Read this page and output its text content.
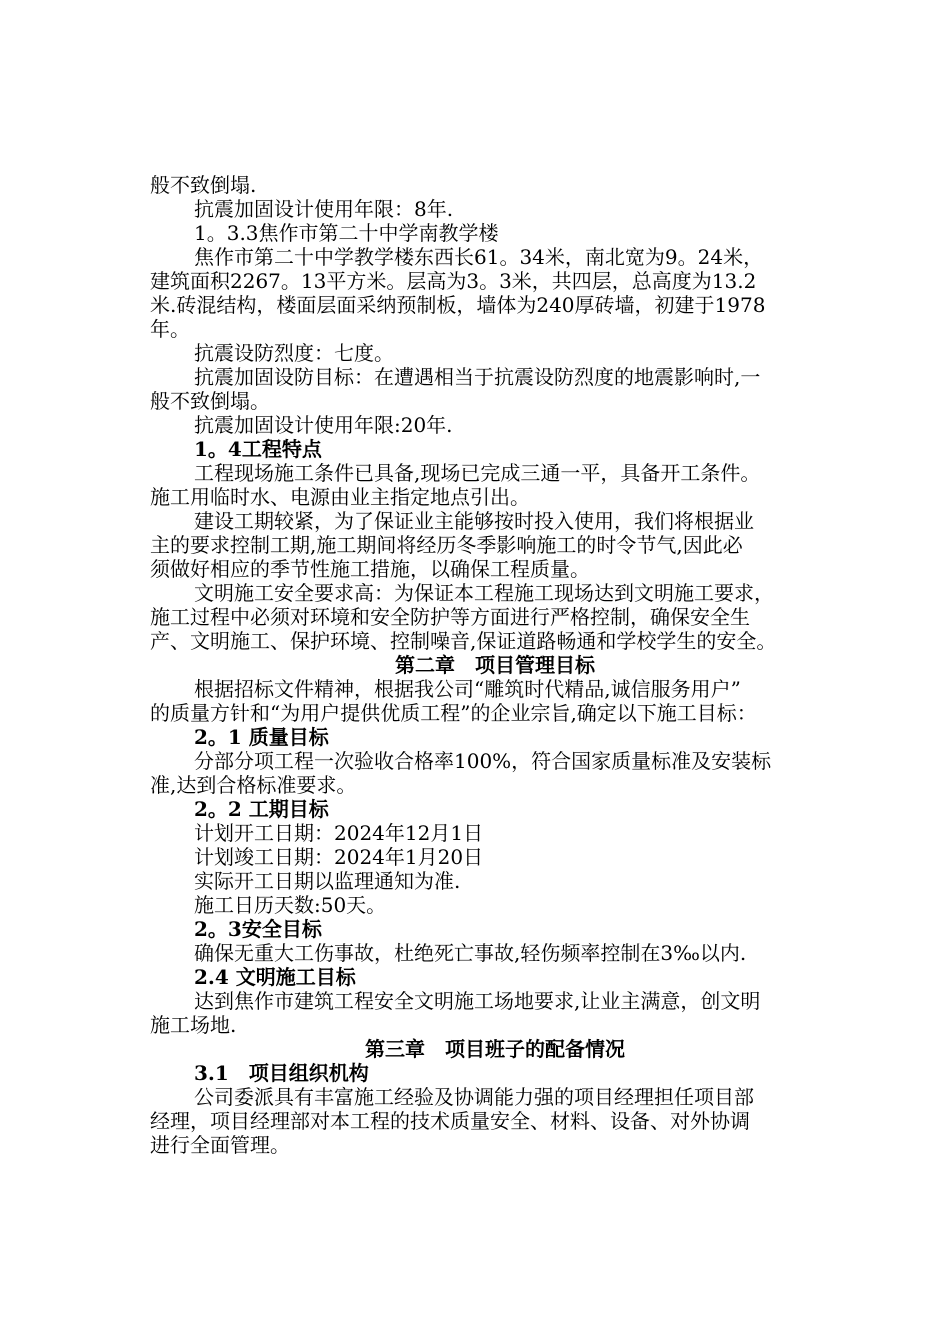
般不致倒塌.
抗震加固设计使用年限：8年.
1。3.3焦作市第二十中学南教学楼
焦作市第二十中学教学楼东西长61。34米，南北宽为9。24米，
建筑面积2267。13平方米。层高为3。3米，共四层，总高度为13.2
米.砖混结构，楼面层面采纳预制板，墙体为240厚砖墙，初建于1978
年。
抗震设防烈度：七度。
抗震加固设防目标：在遭遇相当于抗震设防烈度的地震影响时,一
般不致倒塌。
抗震加固设计使用年限:20年.
1。4工程特点
工程现场施工条件已具备,现场已完成三通一平，具备开工条件。
施工用临时水、电源由业主指定地点引出。
建设工期较紧，为了保证业主能够按时投入使用，我们将根据业
主的要求控制工期,施工期间将经历冬季影响施工的时令节气,因此必
须做好相应的季节性施工措施，以确保工程质量。
文明施工安全要求高：为保证本工程施工现场达到文明施工要求，
施工过程中必须对环境和安全防护等方面进行严格控制，确保安全生
产、文明施工、保护环境、控制噪音,保证道路畅通和学校学生的安全。
第二章　项目管理目标
根据招标文件精神，根据我公司“雕筑时代精品,诚信服务用户”
的质量方针和“为用户提供优质工程”的企业宗旨,确定以下施工目标：
2。1 质量目标
分部分项工程一次验收合格率100%，符合国家质量标准及安装标
准,达到合格标准要求。
2。2 工期目标
计划开工日期：2024年12月1日
计划竣工日期：2024年1月20日
实际开工日期以监理通知为准.
施工日历天数:50天。
2。3安全目标
确保无重大工伤事故，杜绝死亡事故,轻伤频率控制在3‰以内.
2.4 文明施工目标
达到焦作市建筑工程安全文明施工场地要求,让业主满意，创文明
施工场地.
第三章　项目班子的配备情况
3.1　项目组织机构
公司委派具有丰富施工经验及协调能力强的项目经理担任项目部
经理，项目经理部对本工程的技术质量安全、材料、设备、对外协调
进行全面管理。
